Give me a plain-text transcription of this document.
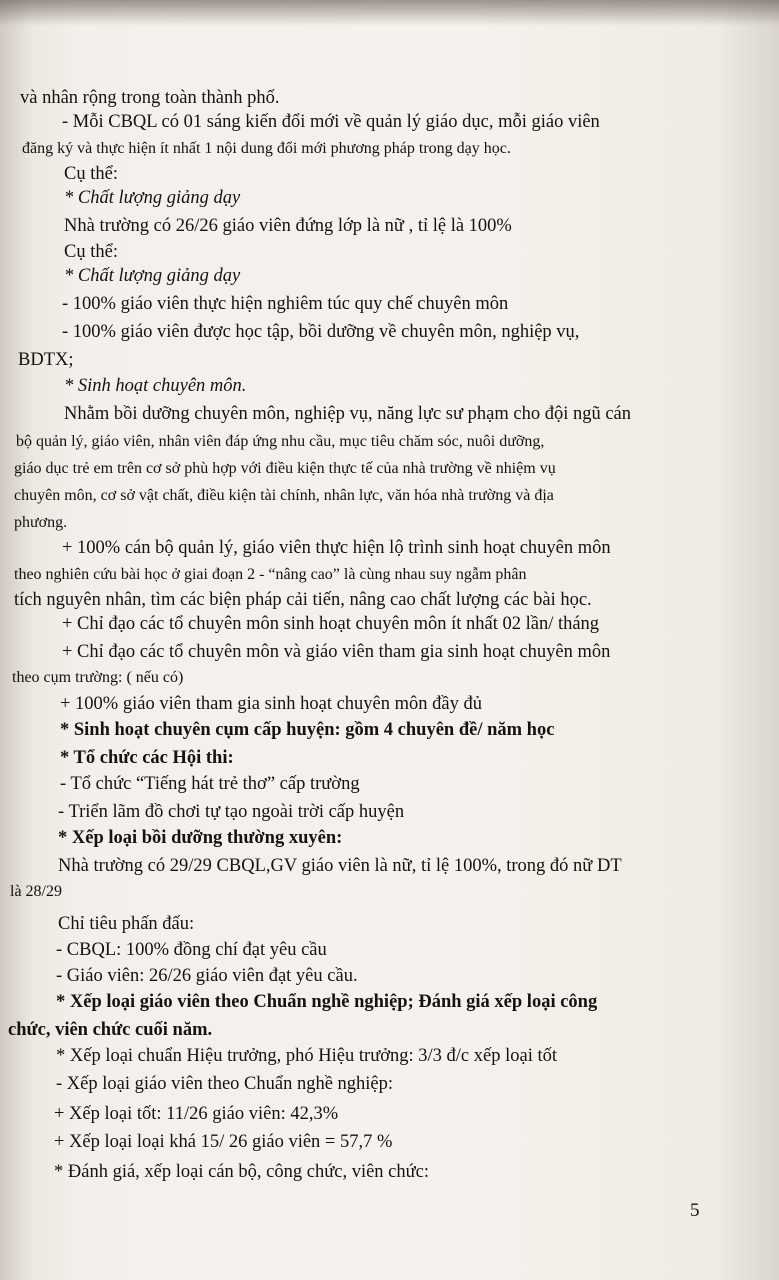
và nhân rộng trong toàn thành phố.
- Mỗi CBQL có 01 sáng kiến đổi mới về quản lý giáo dục, mỗi giáo viên
đăng ký và thực hiện ít nhất 1 nội dung đổi mới phương pháp trong dạy học.
Cụ thể:
* Chất lượng giảng dạy
Nhà trường có 26/26 giáo viên đứng lớp là nữ , tỉ lệ là 100%
Cụ thể:
* Chất lượng giảng dạy
- 100% giáo viên thực hiện nghiêm túc quy chế chuyên môn
- 100% giáo viên được học tập, bồi dưỡng về chuyên môn, nghiệp vụ,
BDTX;
* Sinh hoạt chuyên môn.
Nhằm bồi dưỡng chuyên môn, nghiệp vụ, năng lực sư phạm cho đội ngũ cán
bộ quản lý, giáo viên, nhân viên đáp ứng nhu cầu, mục tiêu chăm sóc, nuôi dưỡng,
giáo dục trẻ em trên cơ sở phù hợp với điều kiện thực tế của nhà trường về nhiệm vụ
chuyên môn, cơ sở vật chất, điều kiện tài chính, nhân lực, văn hóa nhà trường và địa
phương.
+ 100% cán bộ quản lý, giáo viên thực hiện lộ trình sinh hoạt chuyên môn
theo nghiên cứu bài học ở giai đoạn 2 - “nâng cao” là cùng nhau suy ngẫm phân
tích nguyên nhân, tìm các biện pháp cải tiến, nâng cao chất lượng các bài học.
+ Chỉ đạo các tổ chuyên môn sinh hoạt chuyên môn ít nhất 02 lần/ tháng
+ Chỉ đạo các tổ chuyên môn và giáo viên tham gia sinh hoạt chuyên môn
theo cụm trường: ( nếu có)
+ 100% giáo viên tham gia sinh hoạt chuyên môn đầy đủ
* Sinh hoạt chuyên cụm cấp huyện: gồm 4 chuyên đề/ năm học
* Tổ chức các Hội thi:
- Tổ chức “Tiếng hát trẻ thơ” cấp trường
- Triển lãm đồ chơi tự tạo ngoài trời cấp huyện
* Xếp loại bồi dưỡng thường xuyên:
Nhà trường có 29/29 CBQL,GV giáo viên là nữ, tỉ lệ 100%, trong đó nữ DT
là 28/29
Chỉ tiêu phấn đấu:
- CBQL: 100% đồng chí đạt yêu cầu
- Giáo viên: 26/26 giáo viên đạt yêu cầu.
* Xếp loại giáo viên theo Chuẩn nghề nghiệp; Đánh giá xếp loại công
chức, viên chức cuối năm.
* Xếp loại chuẩn Hiệu trưởng, phó Hiệu trưởng: 3/3 đ/c xếp loại tốt
- Xếp loại giáo viên theo Chuẩn nghề nghiệp:
+ Xếp loại tốt: 11/26 giáo viên: 42,3%
+ Xếp loại loại khá 15/ 26 giáo viên = 57,7 %
* Đánh giá, xếp loại cán bộ, công chức, viên chức:
5
